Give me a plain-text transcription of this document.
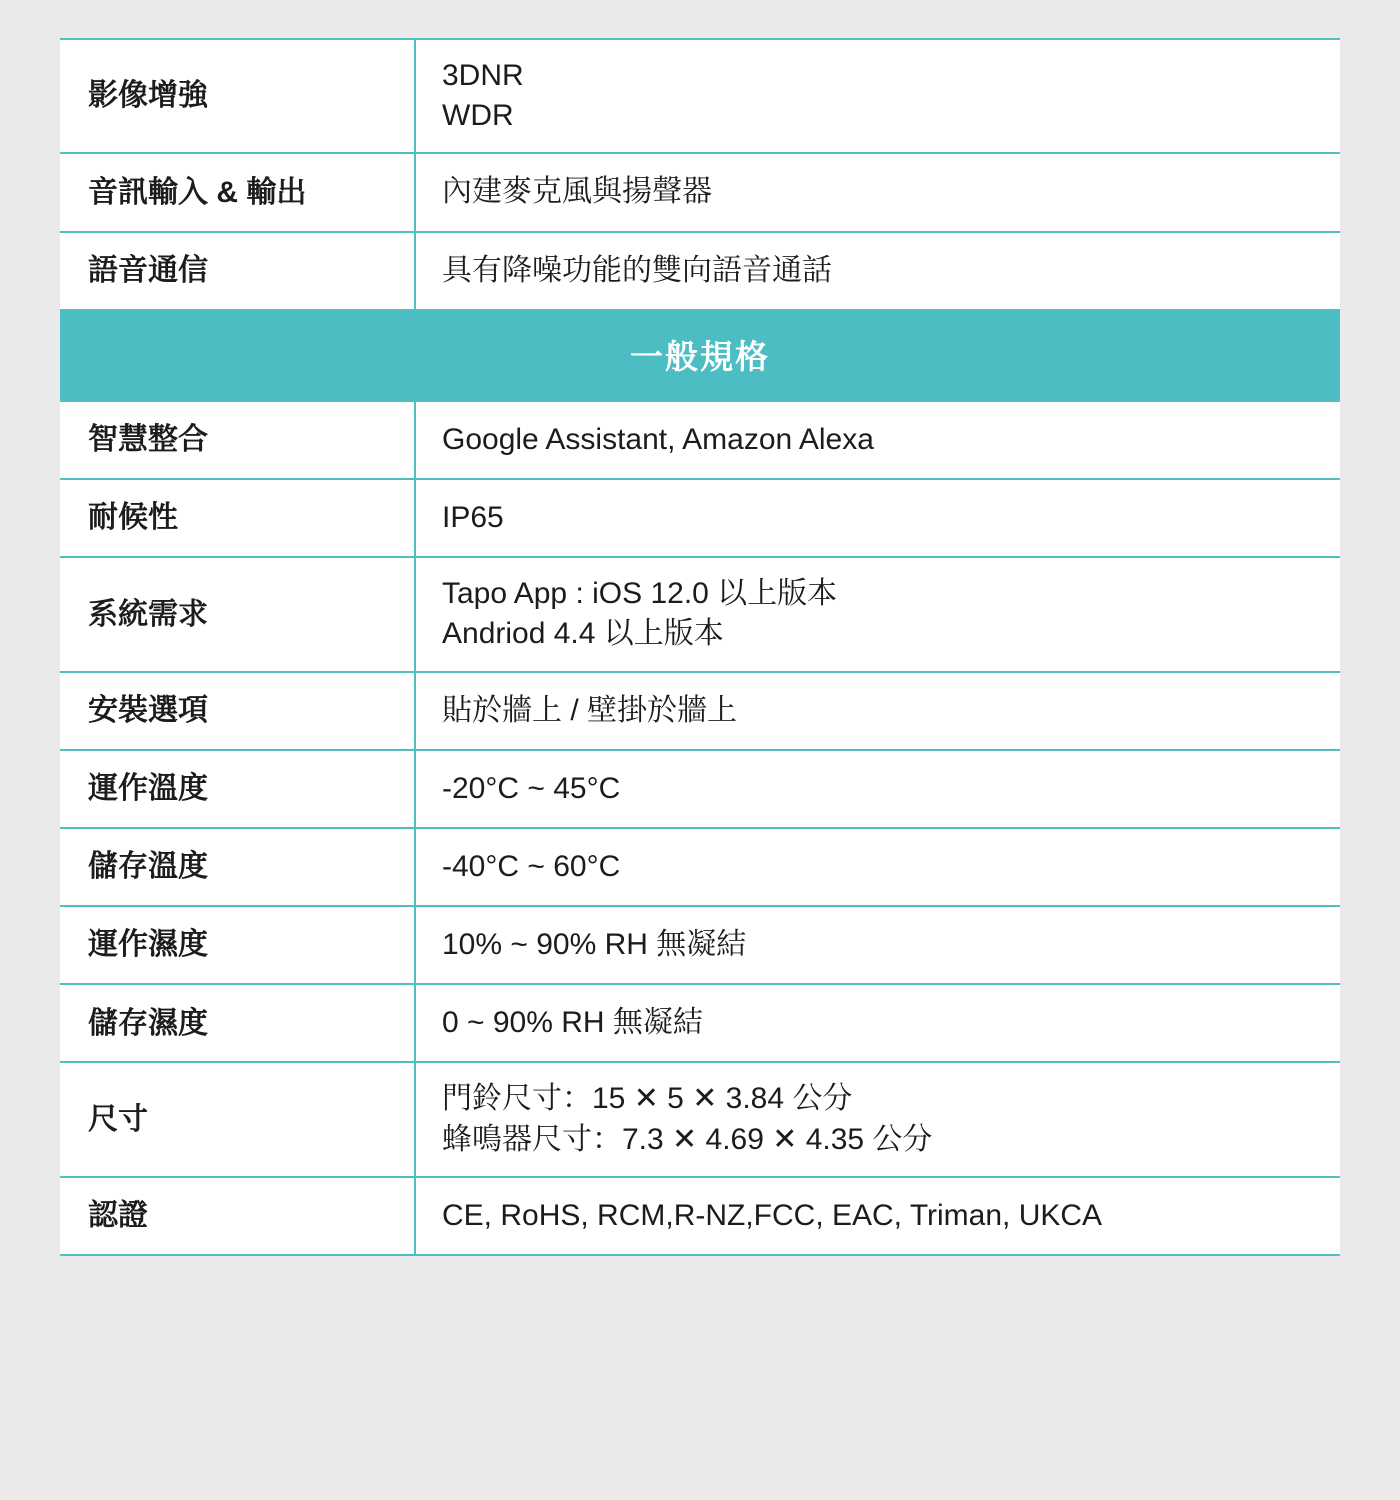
影像增強	3DNR
WDR

音訊輸入 & 輸出	內建麥克風與揚聲器

語音通信	具有降噪功能的雙向語音通話

一般規格	
智慧整合	Google Assistant, Amazon Alexa

耐候性	IP65

系統需求	Tapo App : iOS 12.0 以上版本
Andriod 4.4 以上版本

安裝選項	貼於牆上 / 壁掛於牆上

運作溫度	-20°C ~ 45°C

儲存溫度	-40°C ~ 60°C

運作濕度	10% ~ 90% RH 無凝結

儲存濕度	0 ~ 90% RH 無凝結

尺寸	門鈴尺寸：15 ✕ 5 ✕ 3.84 公分
蜂鳴器尺寸：7.3 ✕ 4.69 ✕ 4.35 公分

認證	CE, RoHS, RCM,R-NZ,FCC, EAC, Triman, UKCA
